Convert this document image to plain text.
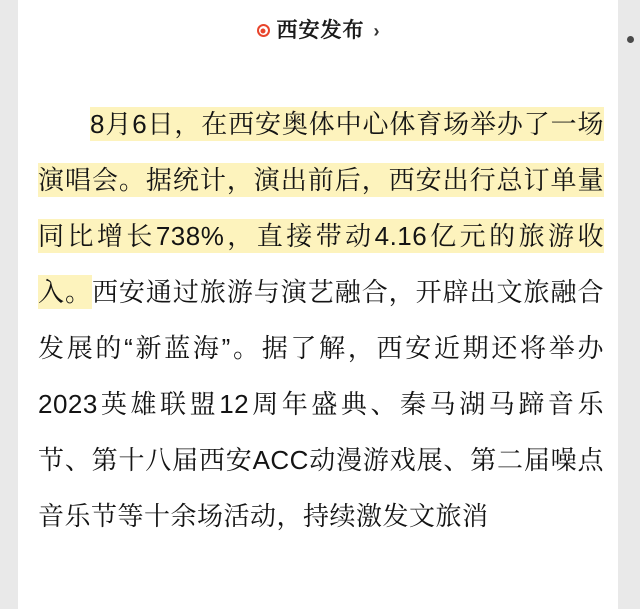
西安发布 ›

8月6日，在西安奥体中心体育场举办了一场演唱会。据统计，演出前后，西安出行总订单量同比增长738%，直接带动4.16亿元的旅游收入。西安通过旅游与演艺融合，开辟出文旅融合发展的“新蓝海”。据了解，西安近期还将举办2023英雄联盟12周年盛典、秦马湖马蹄音乐节、第十八届西安ACC动漫游戏展、第二届噪点音乐节等十余场活动，持续激发文旅消
